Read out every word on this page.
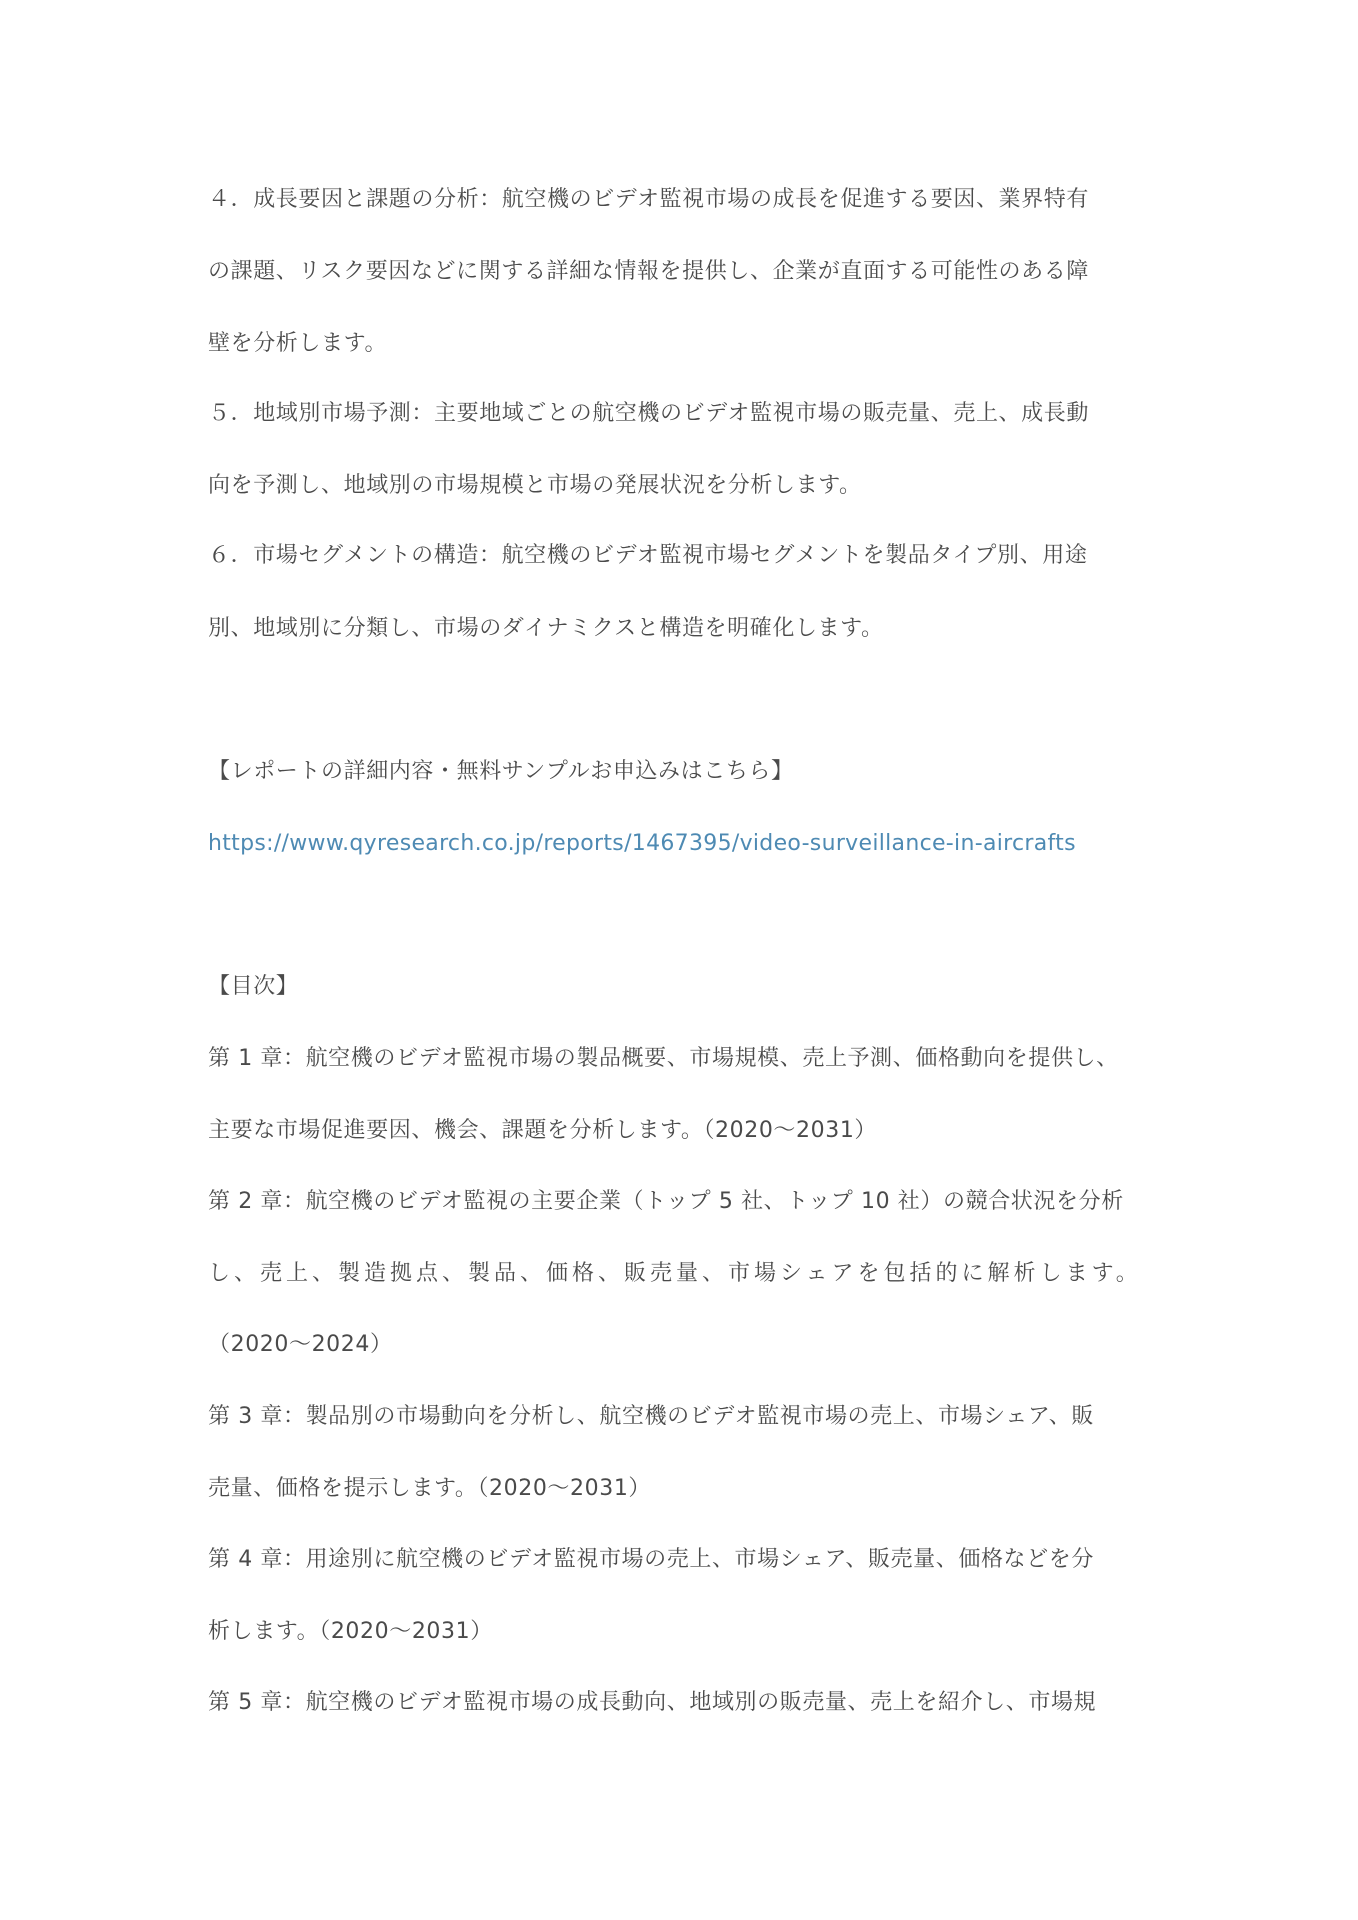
４．成長要因と課題の分析：航空機のビデオ監視市場の成長を促進する要因、業界特有
の課題、リスク要因などに関する詳細な情報を提供し、企業が直面する可能性のある障
壁を分析します。
５．地域別市場予測：主要地域ごとの航空機のビデオ監視市場の販売量、売上、成長動
向を予測し、地域別の市場規模と市場の発展状況を分析します。
６．市場セグメントの構造：航空機のビデオ監視市場セグメントを製品タイプ別、用途
別、地域別に分類し、市場のダイナミクスと構造を明確化します。
【レポートの詳細内容・無料サンプルお申込みはこちら】
https://www.qyresearch.co.jp/reports/1467395/video-surveillance-in-aircrafts
【目次】
第 1 章：航空機のビデオ監視市場の製品概要、市場規模、売上予測、価格動向を提供し、
主要な市場促進要因、機会、課題を分析します。（2020～2031）
第 2 章：航空機のビデオ監視の主要企業（トップ 5 社、トップ 10 社）の競合状況を分析
し、売上、製造拠点、製品、価格、販売量、市場シェアを包括的に解析します。
（2020～2024）
第 3 章：製品別の市場動向を分析し、航空機のビデオ監視市場の売上、市場シェア、販
売量、価格を提示します。（2020～2031）
第 4 章：用途別に航空機のビデオ監視市場の売上、市場シェア、販売量、価格などを分
析します。（2020～2031）
第 5 章：航空機のビデオ監視市場の成長動向、地域別の販売量、売上を紹介し、市場規
